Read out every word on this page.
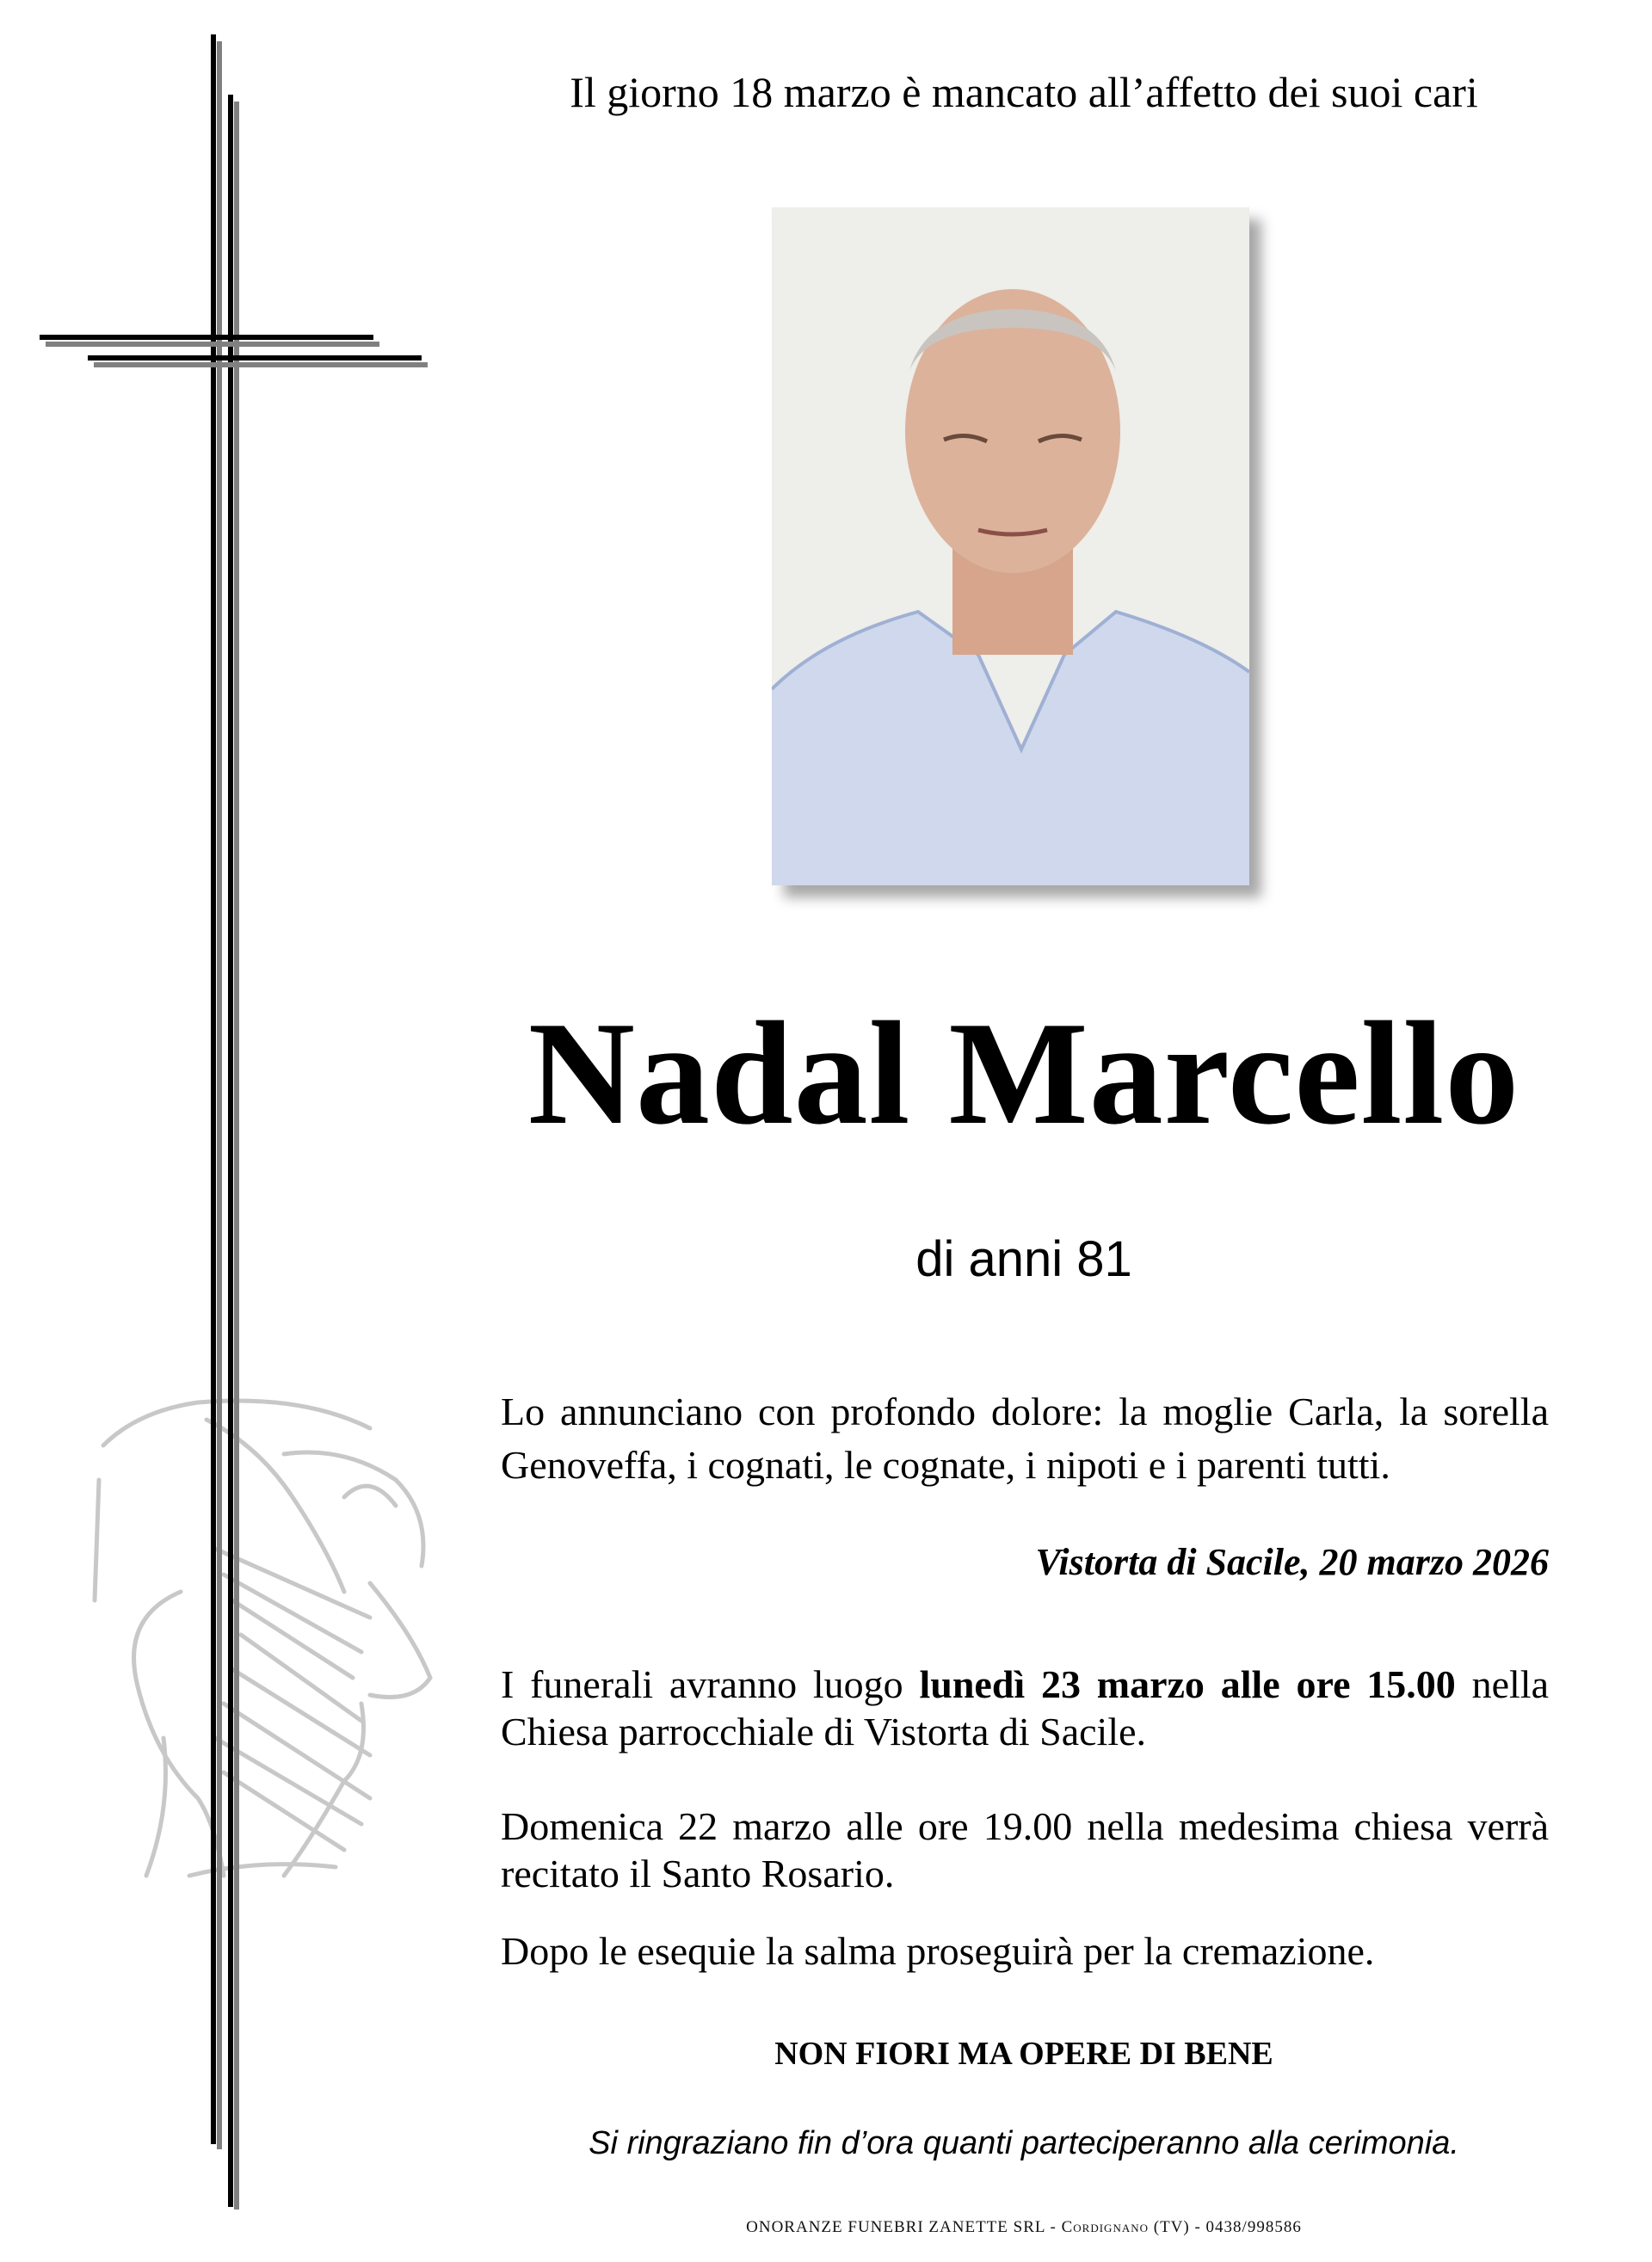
Il giorno 18 marzo è mancato all’affetto dei suoi cari
Nadal Marcello
di anni 81
Lo annunciano con profondo dolore: la moglie Carla, la sorella Genoveffa, i cognati, le cognate, i nipoti e i parenti tutti.
Vistorta di Sacile, 20 marzo 2026
I funerali avranno luogo lunedì 23 marzo alle ore 15.00 nella Chiesa parrocchiale di Vistorta di Sacile.
Domenica 22 marzo alle ore 19.00 nella medesima chiesa verrà recitato il Santo Rosario.
Dopo le esequie la salma proseguirà per la cremazione.
NON FIORI MA OPERE DI BENE
Si ringraziano fin d’ora quanti parteciperanno alla cerimonia.
ONORANZE FUNEBRI ZANETTE SRL - Cordignano (TV) - 0438/998586
